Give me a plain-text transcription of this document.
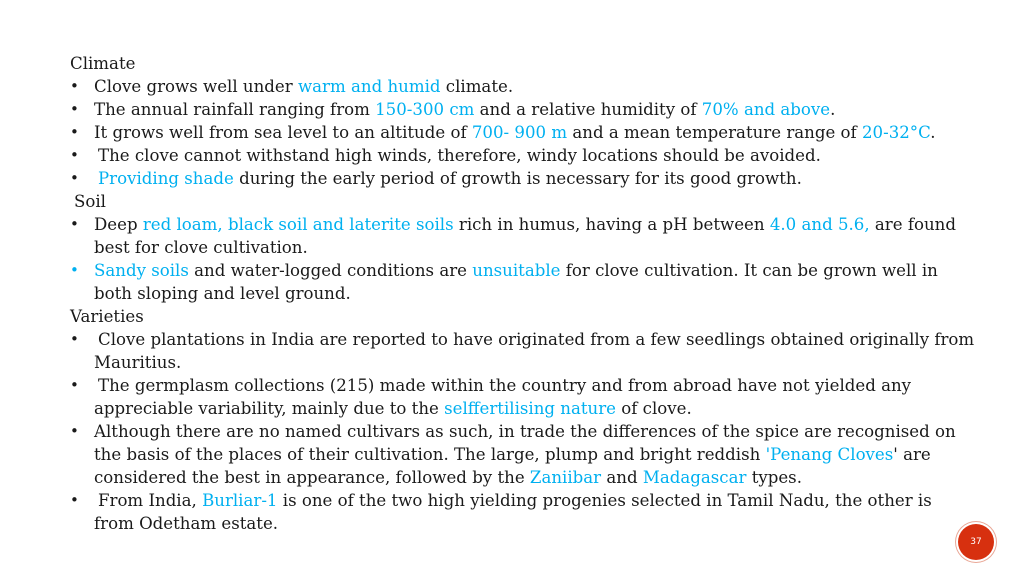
Climate

• Clove grows well under warm and humid climate.
• The annual rainfall ranging from 150-300 cm and a relative humidity of 70% and above.
• It grows well from sea level to an altitude of 700- 900 m and a mean temperature range of 20-32°C.
• The clove cannot withstand high winds, therefore, windy locations should be avoided.
• Providing shade during the early period of growth is necessary for its good growth.

Soil

• Deep red loam, black soil and laterite soils rich in humus, having a pH between 4.0 and 5.6, are found best for clove cultivation.
• Sandy soils and water-logged conditions are unsuitable for clove cultivation. It can be grown well in both sloping and level ground.

Varieties

• Clove plantations in India are reported to have originated from a few seedlings obtained originally from Mauritius.
• The germplasm collections (215) made within the country and from abroad have not yielded any appreciable variability, mainly due to the selffertilising nature of clove.
• Although there are no named cultivars as such, in trade the differences of the spice are recognised on the basis of the places of their cultivation. The large, plump and bright reddish 'Penang Cloves' are considered the best in appearance, followed by the Zaniibar and Madagascar types.
• From India, Burliar-1 is one of the two high yielding progenies selected in Tamil Nadu, the other is from Odetham estate.
37
